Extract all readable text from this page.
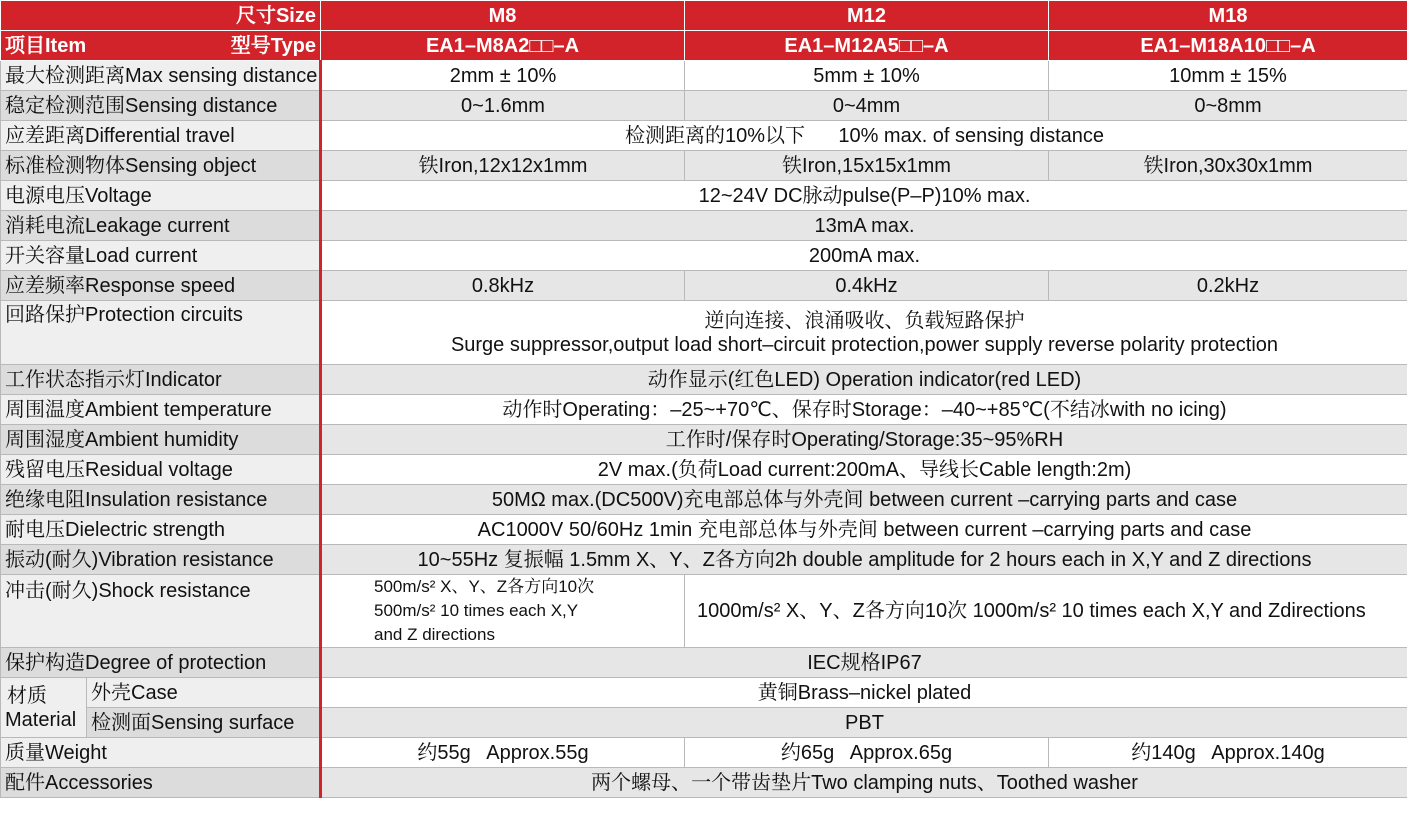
尺寸Size		M8	M12	M18

项目Item 型号Type		EA1–M8A2□□–A	EA1–M12A5□□–A	EA1–M18A10□□–A
最大检测距离Max sensing distance		2mm ± 10%	5mm ± 10%	10mm ± 15%
稳定检测范围Sensing distance		0~1.6mm	0~4mm	0~8mm
应差距离Differential travel		检测距离的10%以下      10% max. of sensing distance		
标准检测物体Sensing object		铁Iron,12x12x1mm	铁Iron,15x15x1mm	铁Iron,30x30x1mm
电源电压Voltage		12~24V DC脉动pulse(P–P)10% max.		
消耗电流Leakage current		13mA max.		
开关容量Load current		200mA max.		
应差频率Response speed		0.8kHz	0.4kHz	0.2kHz
回路保护Protection circuits		逆向连接、浪涌吸收、负载短路保护
Surge suppressor,output load short–circuit protection,power supply reverse polarity protection		

工作状态指示灯Indicator		动作显示(红色LED) Operation indicator(red LED)		
周围温度Ambient temperature		动作时Operating：–25~+70℃、保存时Storage：–40~+85℃(不结冰with no icing)		
周围湿度Ambient humidity		工作时/保存时Operating/Storage:35~95%RH		
残留电压Residual voltage		2V max.(负荷Load current:200mA、导线长Cable length:2m)		
绝缘电阻Insulation resistance		50MΩ max.(DC500V)充电部总体与外壳间 between current –carrying parts and case		
耐电压Dielectric strength		AC1000V 50/60Hz 1min 充电部总体与外壳间 between current –carrying parts and case		
振动(耐久)Vibration resistance		10~55Hz 复振幅 1.5mm X、Y、Z各方向2h double amplitude for 2 hours each in X,Y and Z directions		
冲击(耐久)Shock resistance		500m/s² X、Y、Z各方向10次
500m/s² 10 times each X,Y
and Z directions	1000m/s² X、Y、Z各方向10次 1000m/s² 10 times each X,Y and Zdirections	
保护构造Degree of protection		IEC规格IP67		

材质
Material	外壳Case	黄铜Brass–nickel plated		
	检测面Sensing surface	PBT		
质量Weight		约55g   Approx.55g	约65g   Approx.65g	约140g   Approx.140g
配件Accessories		两个螺母、一个带齿垫片Two clamping nuts、Toothed washer		
